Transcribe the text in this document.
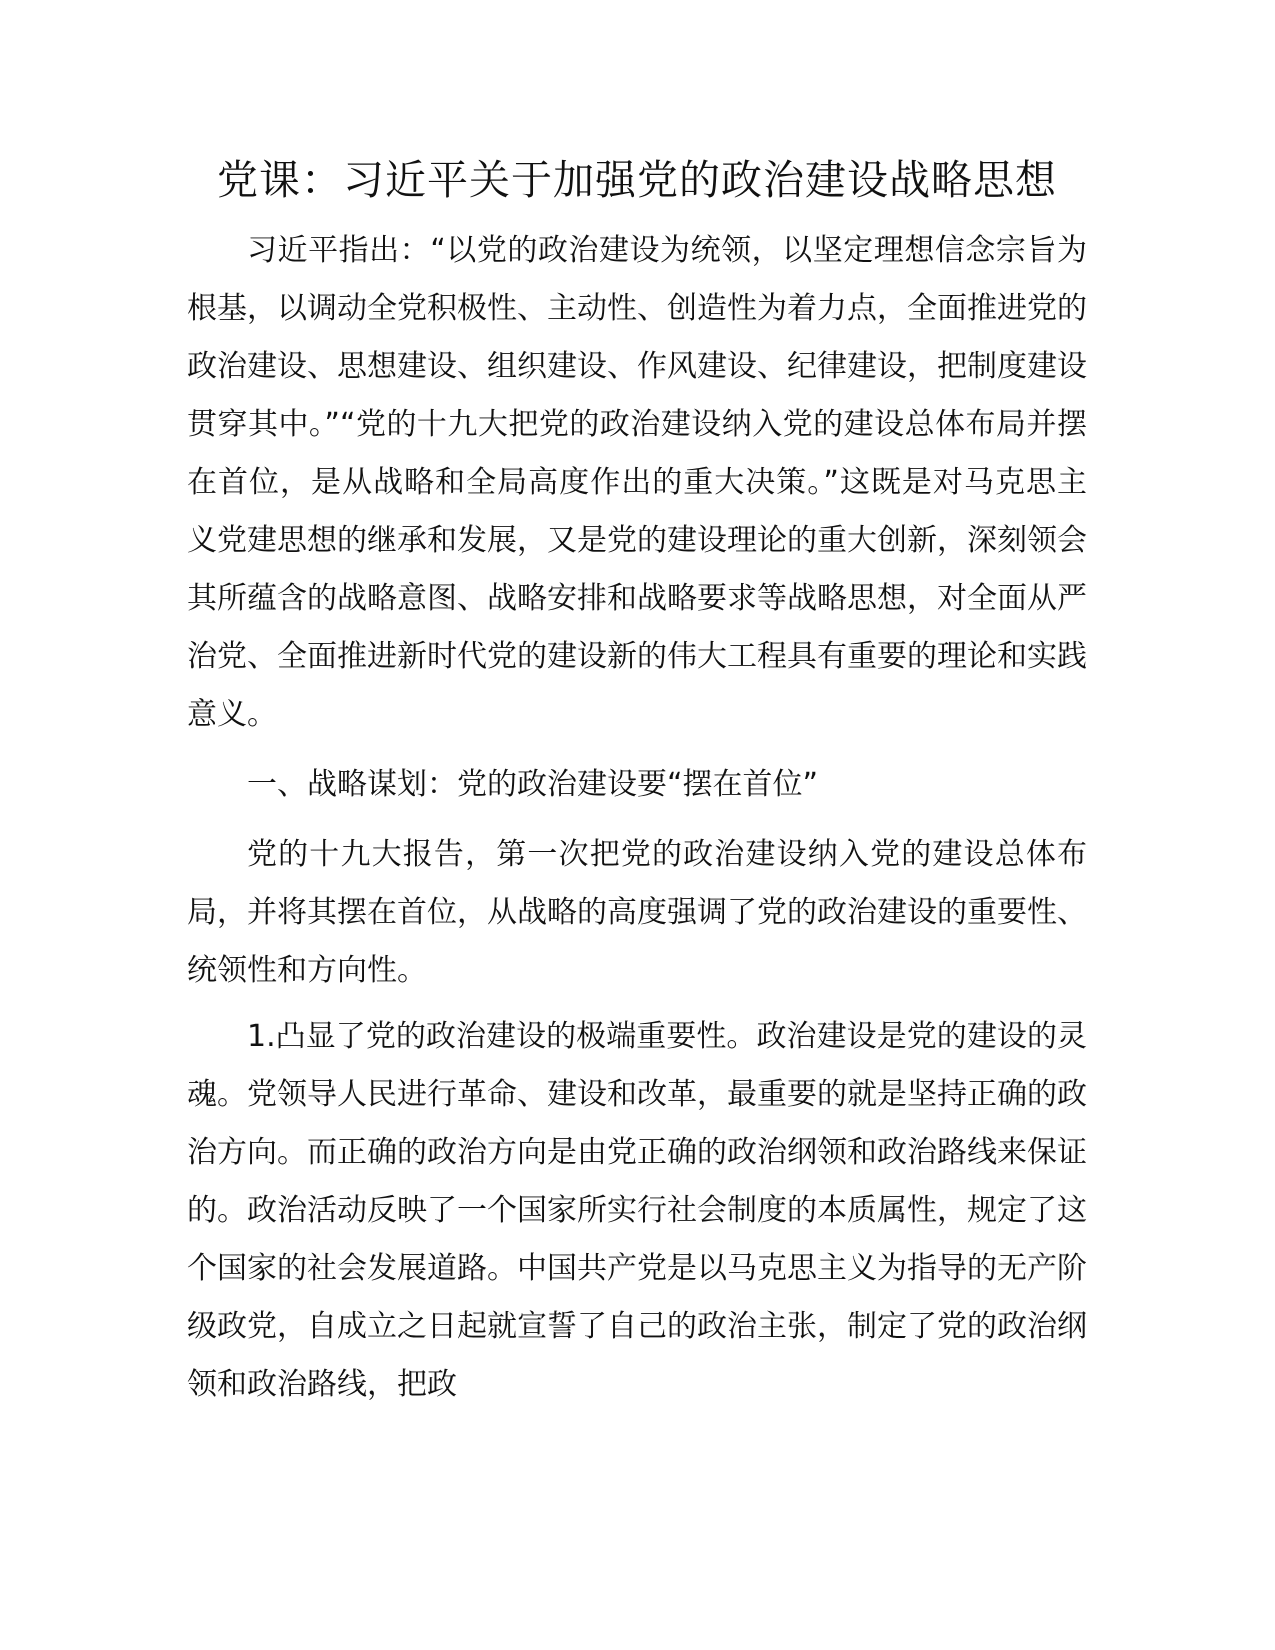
党课：习近平关于加强党的政治建设战略思想

习近平指出：“以党的政治建设为统领，以坚定理想信念宗旨为根基，以调动全党积极性、主动性、创造性为着力点，全面推进党的政治建设、思想建设、组织建设、作风建设、纪律建设，把制度建设贯穿其中。”“党的十九大把党的政治建设纳入党的建设总体布局并摆在首位，是从战略和全局高度作出的重大决策。”这既是对马克思主义党建思想的继承和发展，又是党的建设理论的重大创新，深刻领会其所蕴含的战略意图、战略安排和战略要求等战略思想，对全面从严治党、全面推进新时代党的建设新的伟大工程具有重要的理论和实践意义。

一、战略谋划：党的政治建设要“摆在首位”

党的十九大报告，第一次把党的政治建设纳入党的建设总体布局，并将其摆在首位，从战略的高度强调了党的政治建设的重要性、统领性和方向性。

1.凸显了党的政治建设的极端重要性。政治建设是党的建设的灵魂。党领导人民进行革命、建设和改革，最重要的就是坚持正确的政治方向。而正确的政治方向是由党正确的政治纲领和政治路线来保证的。政治活动反映了一个国家所实行社会制度的本质属性，规定了这个国家的社会发展道路。中国共产党是以马克思主义为指导的无产阶级政党，自成立之日起就宣誓了自己的政治主张，制定了党的政治纲领和政治路线，把政
